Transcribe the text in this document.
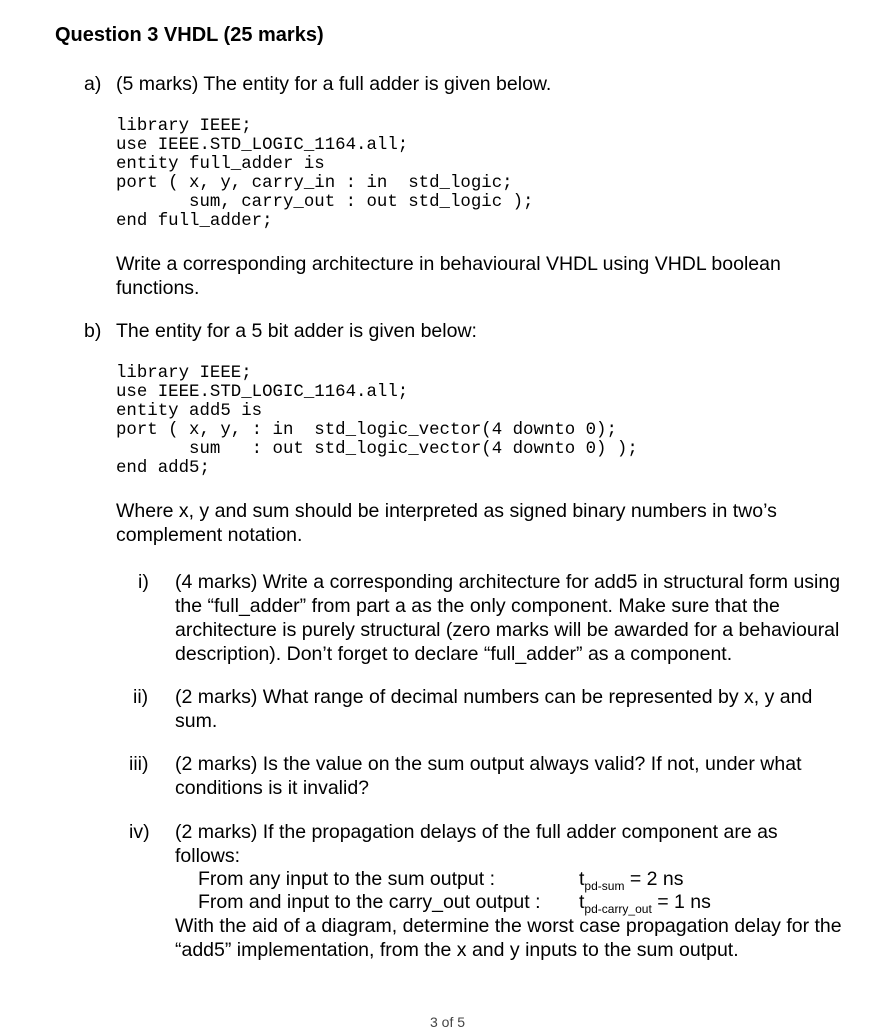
Question 3 VHDL (25 marks)
a) (5 marks) The entity for a full adder is given below.
library IEEE;
use IEEE.STD_LOGIC_1164.all;
entity full_adder is
port ( x, y, carry_in : in  std_logic;
sum, carry_out : out std_logic );
end full_adder;
Write a corresponding architecture in behavioural VHDL using VHDL boolean
functions.
b) The entity for a 5 bit adder is given below:
library IEEE;
use IEEE.STD_LOGIC_1164.all;
entity add5 is
port ( x, y, : in  std_logic_vector(4 downto 0);
sum   : out std_logic_vector(4 downto 0) );
end add5;
Where x, y and sum should be interpreted as signed binary numbers in two’s
complement notation.
i) (4 marks) Write a corresponding architecture for add5 in structural form using
the “full_adder” from part a as the only component. Make sure that the
architecture is purely structural (zero marks will be awarded for a behavioural
description). Don’t forget to declare “full_adder” as a component.
ii) (2 marks) What range of decimal numbers can be represented by x, y and
sum.
iii) (2 marks) Is the value on the sum output always valid? If not, under what
conditions is it invalid?
iv) (2 marks) If the propagation delays of the full adder component are as
follows:
From any input to the sum output :	$t_{pd-sum} = 2$ ns
From and input to the carry_out output : $t_{pd-carry\_out} = 1$ ns
With the aid of a diagram, determine the worst case propagation delay for the
“add5” implementation, from the x and y inputs to the sum output.
3 of 5
